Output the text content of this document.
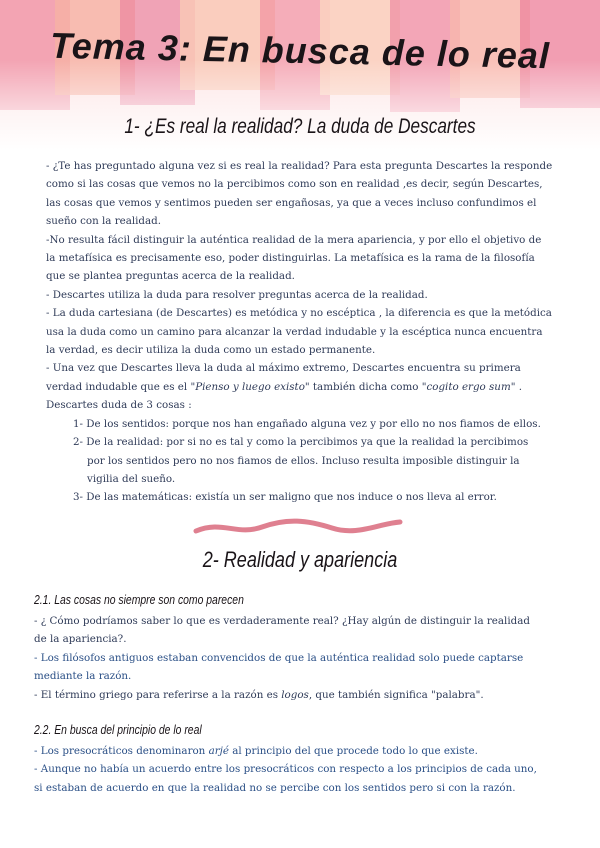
Tema 3: En busca de lo real
1- ¿Es real la realidad? La duda de Descartes

- ¿Te has preguntado alguna vez si es real la realidad? Para esta pregunta Descartes la responde
como si las cosas que vemos no la percibimos como son en realidad ,es decir, según Descartes,
las cosas que vemos y sentimos pueden ser engañosas, ya que a veces incluso confundimos el
sueño con la realidad.

-No resulta fácil distinguir la auténtica realidad de la mera apariencia, y por ello el objetivo de
la metafísica es precisamente eso, poder distinguirlas. La metafísica es la rama de la filosofía
que se plantea preguntas acerca de la realidad.

- Descartes utiliza la duda para resolver preguntas acerca de la realidad.

- La duda cartesiana (de Descartes) es metódica y no escéptica , la diferencia es que la metódica
usa la duda como un camino para alcanzar la verdad indudable y la escéptica nunca encuentra
la verdad, es decir utiliza la duda como un estado permanente.

- Una vez que Descartes lleva la duda al máximo extremo, Descartes encuentra su primera
verdad indudable que es el "Pienso y luego existo" también dicha como "cogito ergo sum" .
Descartes duda de 3 cosas :

1- De los sentidos: porque nos han engañado alguna vez y por ello no nos fiamos de ellos.

2- De la realidad: por si no es tal y como la percibimos ya que la realidad la percibimos
por los sentidos pero no nos fiamos de ellos. Incluso resulta imposible distinguir la
vigilia del sueño.

3- De las matemáticas: existía un ser maligno que nos induce o nos lleva al error.

2- Realidad y apariencia
2.1. Las cosas no siempre son como parecen

- ¿ Cómo podríamos saber lo que es verdaderamente real? ¿Hay algún de distinguir la realidad
de la apariencia?.

- Los filósofos antiguos estaban convencidos de que la auténtica realidad solo puede captarse
mediante la razón.

- El término griego para referirse a la razón es logos, que también significa "palabra".

2.2. En busca del principio de lo real

- Los presocráticos denominaron arjé al principio del que procede todo lo que existe.

- Aunque no había un acuerdo entre los presocráticos con respecto a los principios de cada uno,
si estaban de acuerdo en que la realidad no se percibe con los sentidos pero si con la razón.
